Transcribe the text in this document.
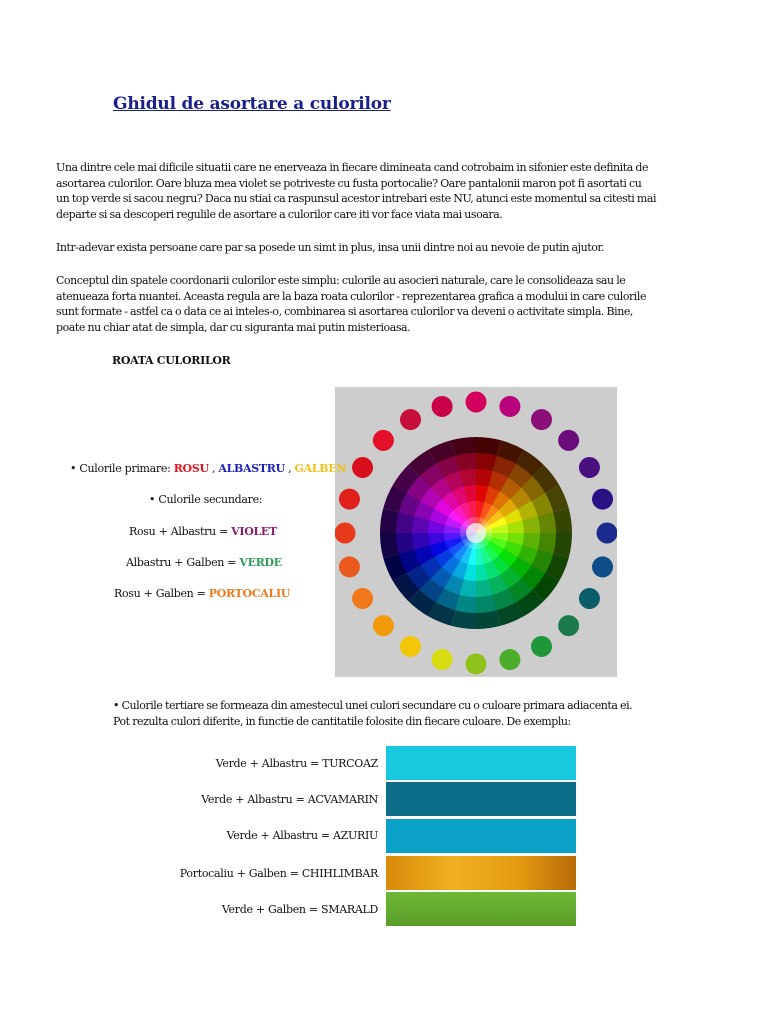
Ghidul de asortare a culorilor
Una dintre cele mai dificile situatii care ne enerveaza in fiecare dimineata cand cotrobaim in sifonier este definita de asortarea culorilor. Oare bluza mea violet se potriveste cu fusta portocalie? Oare pantalonii maron pot fi asortati cu un top verde si sacou negru? Daca nu stiai ca raspunsul acestor intrebari este NU, atunci este momentul sa citesti mai departe si sa descoperi regulile de asortare a culorilor care iti vor face viata mai usoara.
Intr-adevar exista persoane care par sa posede un simt in plus, insa unii dintre noi au nevoie de putin ajutor.
Conceptul din spatele coordonarii culorilor este simplu: culorile au asocieri naturale, care le consolideaza sau le atenueaza forta nuantei. Aceasta regula are la baza roata culorilor - reprezentarea grafica a modului in care culorile sunt formate - astfel ca o data ce ai inteles-o, combinarea si asortarea culorilor va deveni o activitate simpla. Bine, poate nu chiar atat de simpla, dar cu siguranta mai putin misterioasa.
ROATA CULORILOR
• Culorile primare: ROSU , ALBASTRU , GALBEN
• Culorile secundare:
Rosu + Albastru = VIOLET
Albastru + Galben = VERDE
Rosu + Galben = PORTOCALIU
• Culorile tertiare se formeaza din amestecul unei culori secundare cu o culoare primara adiacenta ei. Pot rezulta culori diferite, in functie de cantitatile folosite din fiecare culoare. De exemplu:
Verde + Albastru = TURCOAZ
Verde + Albastru = ACVAMARIN
Verde + Albastru = AZURIU
Portocaliu + Galben = CHIHLIMBAR
Verde + Galben = SMARALD
